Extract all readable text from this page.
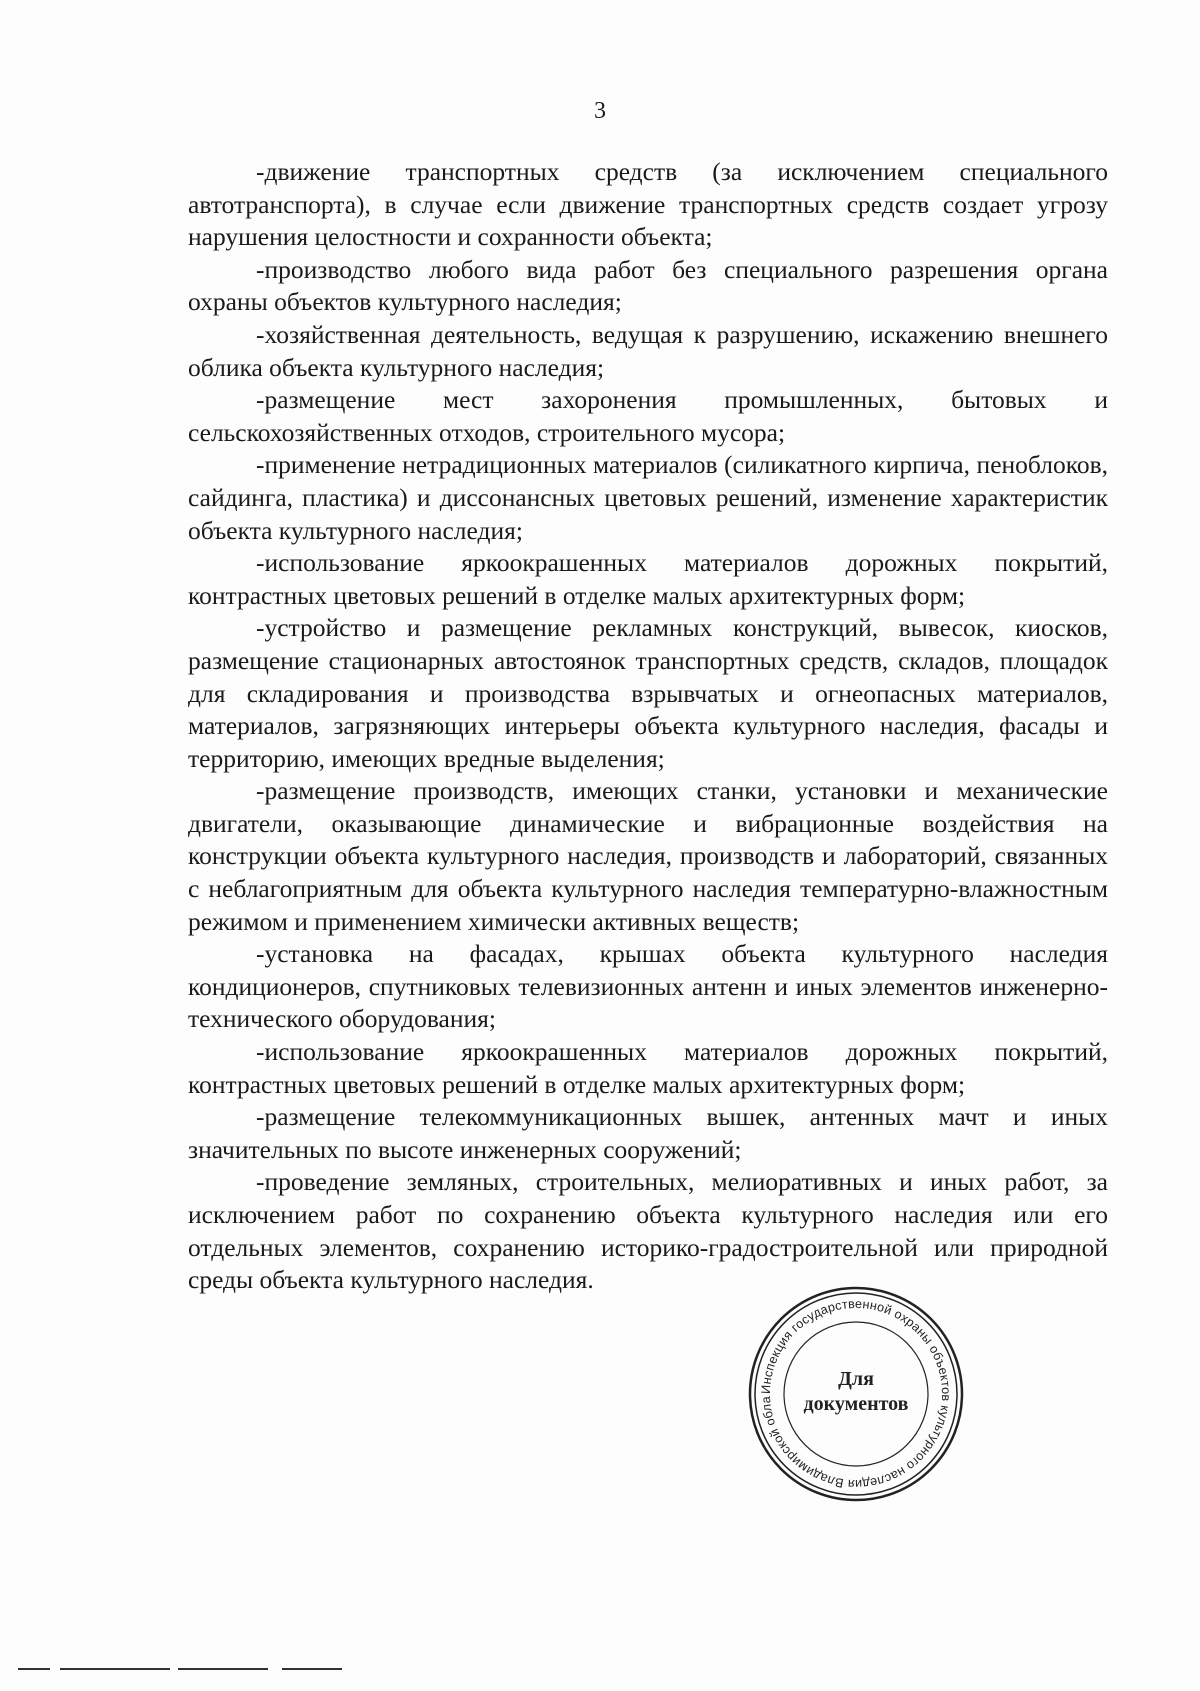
3

-движение транспортных средств (за исключением специального автотранспорта), в случае если движение транспортных средств создает угрозу нарушения целостности и сохранности объекта;

-производство любого вида работ без специального разрешения органа охраны объектов культурного наследия;

-хозяйственная деятельность, ведущая к разрушению, искажению внешнего облика объекта культурного наследия;

-размещение мест захоронения промышленных, бытовых и сельскохозяйственных отходов, строительного мусора;

-применение нетрадиционных материалов (силикатного кирпича, пеноблоков, сайдинга, пластика) и диссонансных цветовых решений, изменение характеристик объекта культурного наследия;

-использование яркоокрашенных материалов дорожных покрытий, контрастных цветовых решений в отделке малых архитектурных форм;

-устройство и размещение рекламных конструкций, вывесок, киосков, размещение стационарных автостоянок транспортных средств, складов, площадок для складирования и производства взрывчатых и огнеопасных материалов, материалов, загрязняющих интерьеры объекта культурного наследия, фасады и территорию, имеющих вредные выделения;

-размещение производств, имеющих станки, установки и механические двигатели, оказывающие динамические и вибрационные воздействия на конструкции объекта культурного наследия, производств и лабораторий, связанных с неблагоприятным для объекта культурного наследия температурно-влажностным режимом и применением химически активных веществ;

-установка на фасадах, крышах объекта культурного наследия кондиционеров, спутниковых телевизионных антенн и иных элементов инженерно-технического оборудования;

-использование яркоокрашенных материалов дорожных покрытий, контрастных цветовых решений в отделке малых архитектурных форм;

-размещение телекоммуникационных вышек, антенных мачт и иных значительных по высоте инженерных сооружений;

-проведение земляных, строительных, мелиоративных и иных работ, за исключением работ по сохранению объекта культурного наследия или его отдельных элементов, сохранению историко-градостроительной или природной среды объекта культурного наследия.

Инспекция государственной охраны объектов культурного наследия Владимирской обла
Для
документов
